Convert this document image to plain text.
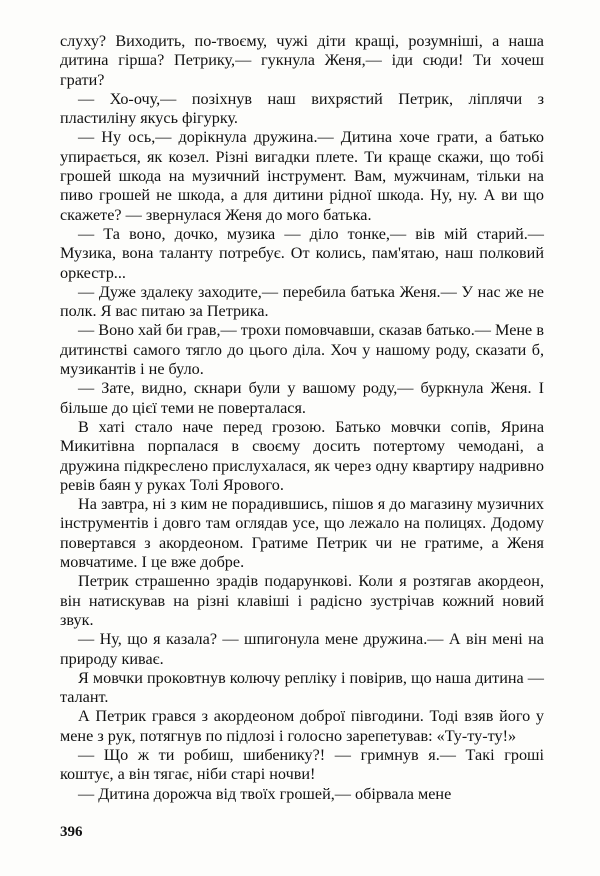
слуху? Виходить, по-твоєму, чужі діти кращі, розумніші, а наша дитина гірша? Петрику,— гукнула Женя,— іди сюди! Ти хочеш грати?

— Хо-очу,— позіхнув наш вихрястий Петрик, ліплячи з пластиліну якусь фігурку.

— Ну ось,— дорікнула дружина.— Дитина хоче грати, а батько упирається, як козел. Різні вигадки плете. Ти краще скажи, що тобі грошей шкода на музичний інструмент. Вам, мужчинам, тільки на пиво грошей не шкода, а для дитини рідної шкода. Ну, ну. А ви що скажете? — звернулася Женя до мого батька.

— Та воно, дочко, музика — діло тонке,— вів мій старий.— Музика, вона таланту потребує. От колись, пам'ятаю, наш полковий оркестр...

— Дуже здалеку заходите,— перебила батька Женя.— У нас же не полк. Я вас питаю за Петрика.

— Воно хай би грав,— трохи помовчавши, сказав батько.— Мене в дитинстві самого тягло до цього діла. Хоч у нашому роду, сказати б, музикантів і не було.

— Зате, видно, скнари були у вашому роду,— буркнула Женя. І більше до цієї теми не поверталася.

В хаті стало наче перед грозою. Батько мовчки сопів, Ярина Микитівна порпалася в своєму досить потертому чемодані, а дружина підкреслено прислухалася, як через одну квартиру надривно ревів баян у руках Толі Ярового.

На завтра, ні з ким не порадившись, пішов я до магазину музичних інструментів і довго там оглядав усе, що лежало на полицях. Додому повертався з акордеоном. Гратиме Петрик чи не гратиме, а Женя мовчатиме. І це вже добре.

Петрик страшенно зрадів подарункові. Коли я розтягав акордеон, він натискував на різні клавіші і радісно зустрічав кожний новий звук.

— Ну, що я казала? — шпигонула мене дружина.— А він мені на природу киває.

Я мовчки проковтнув колючу репліку і повірив, що наша дитина — талант.

А Петрик грався з акордеоном доброї півгодини. Тоді взяв його у мене з рук, потягнув по підлозі і голосно зарепетував: «Ту-ту-ту!»

— Що ж ти робиш, шибенику?! — гримнув я.— Такі гроші коштує, а він тягає, ніби старі ночви!

— Дитина дорожча від твоїх грошей,— обірвала мене

396
